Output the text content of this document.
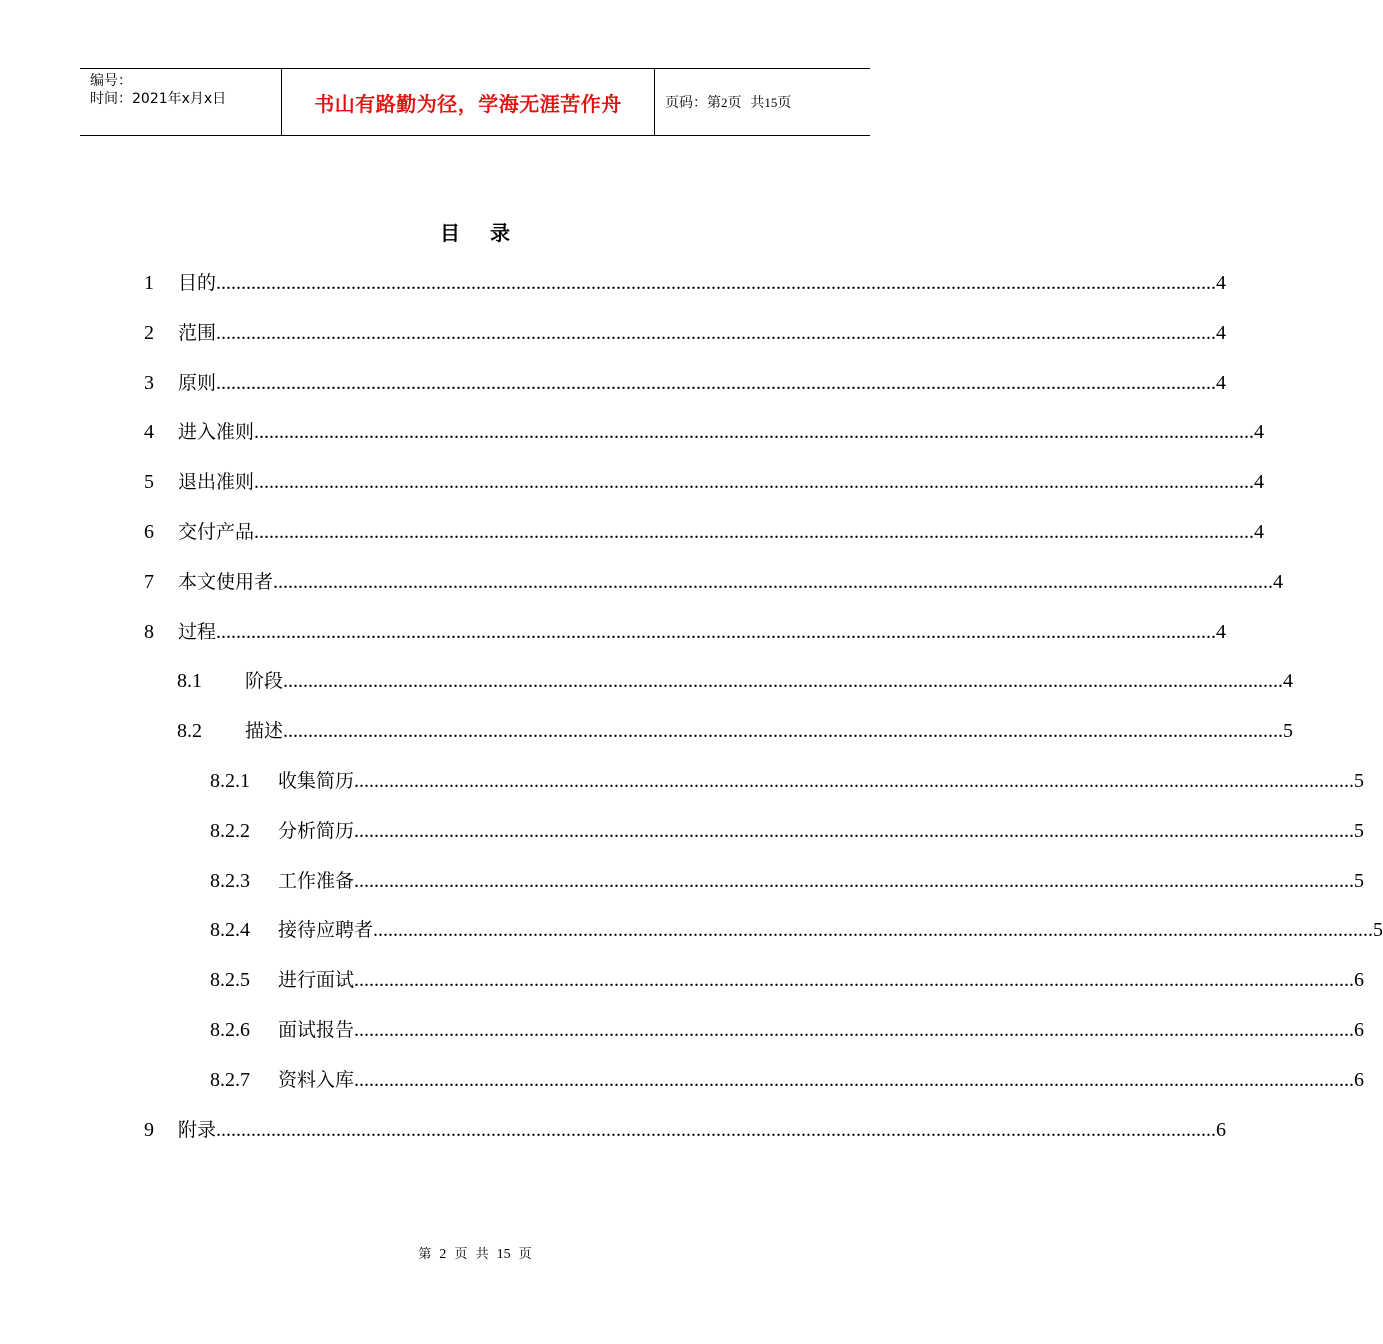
编号：
时间：2021年x月x日	书山有路勤为径，学海无涯苦作舟	页码：第2页  共15页
目 录
1	目的 ........................................................................................................................................................................................................ 4
2	范围 ........................................................................................................................................................................................................ 4
3	原则 ........................................................................................................................................................................................................ 4
4	进入准则 ........................................................................................................................................................................................................ 4
5	退出准则 ........................................................................................................................................................................................................ 4
6	交付产品 ........................................................................................................................................................................................................ 4
7	本文使用者 ........................................................................................................................................................................................................ 4
8	过程 ........................................................................................................................................................................................................ 4
8.1	阶段 ........................................................................................................................................................................................................ 4
8.2	描述 ........................................................................................................................................................................................................ 5
8.2.1	收集简历 ........................................................................................................................................................................................................ 5
8.2.2	分析简历 ........................................................................................................................................................................................................ 5
8.2.3	工作准备 ........................................................................................................................................................................................................ 5
8.2.4	接待应聘者 ........................................................................................................................................................................................................ 5
8.2.5	进行面试 ........................................................................................................................................................................................................ 6
8.2.6	面试报告 ........................................................................................................................................................................................................ 6
8.2.7	资料入库 ........................................................................................................................................................................................................ 6
9	附录 ........................................................................................................................................................................................................ 6
第 2 页  共 15 页
